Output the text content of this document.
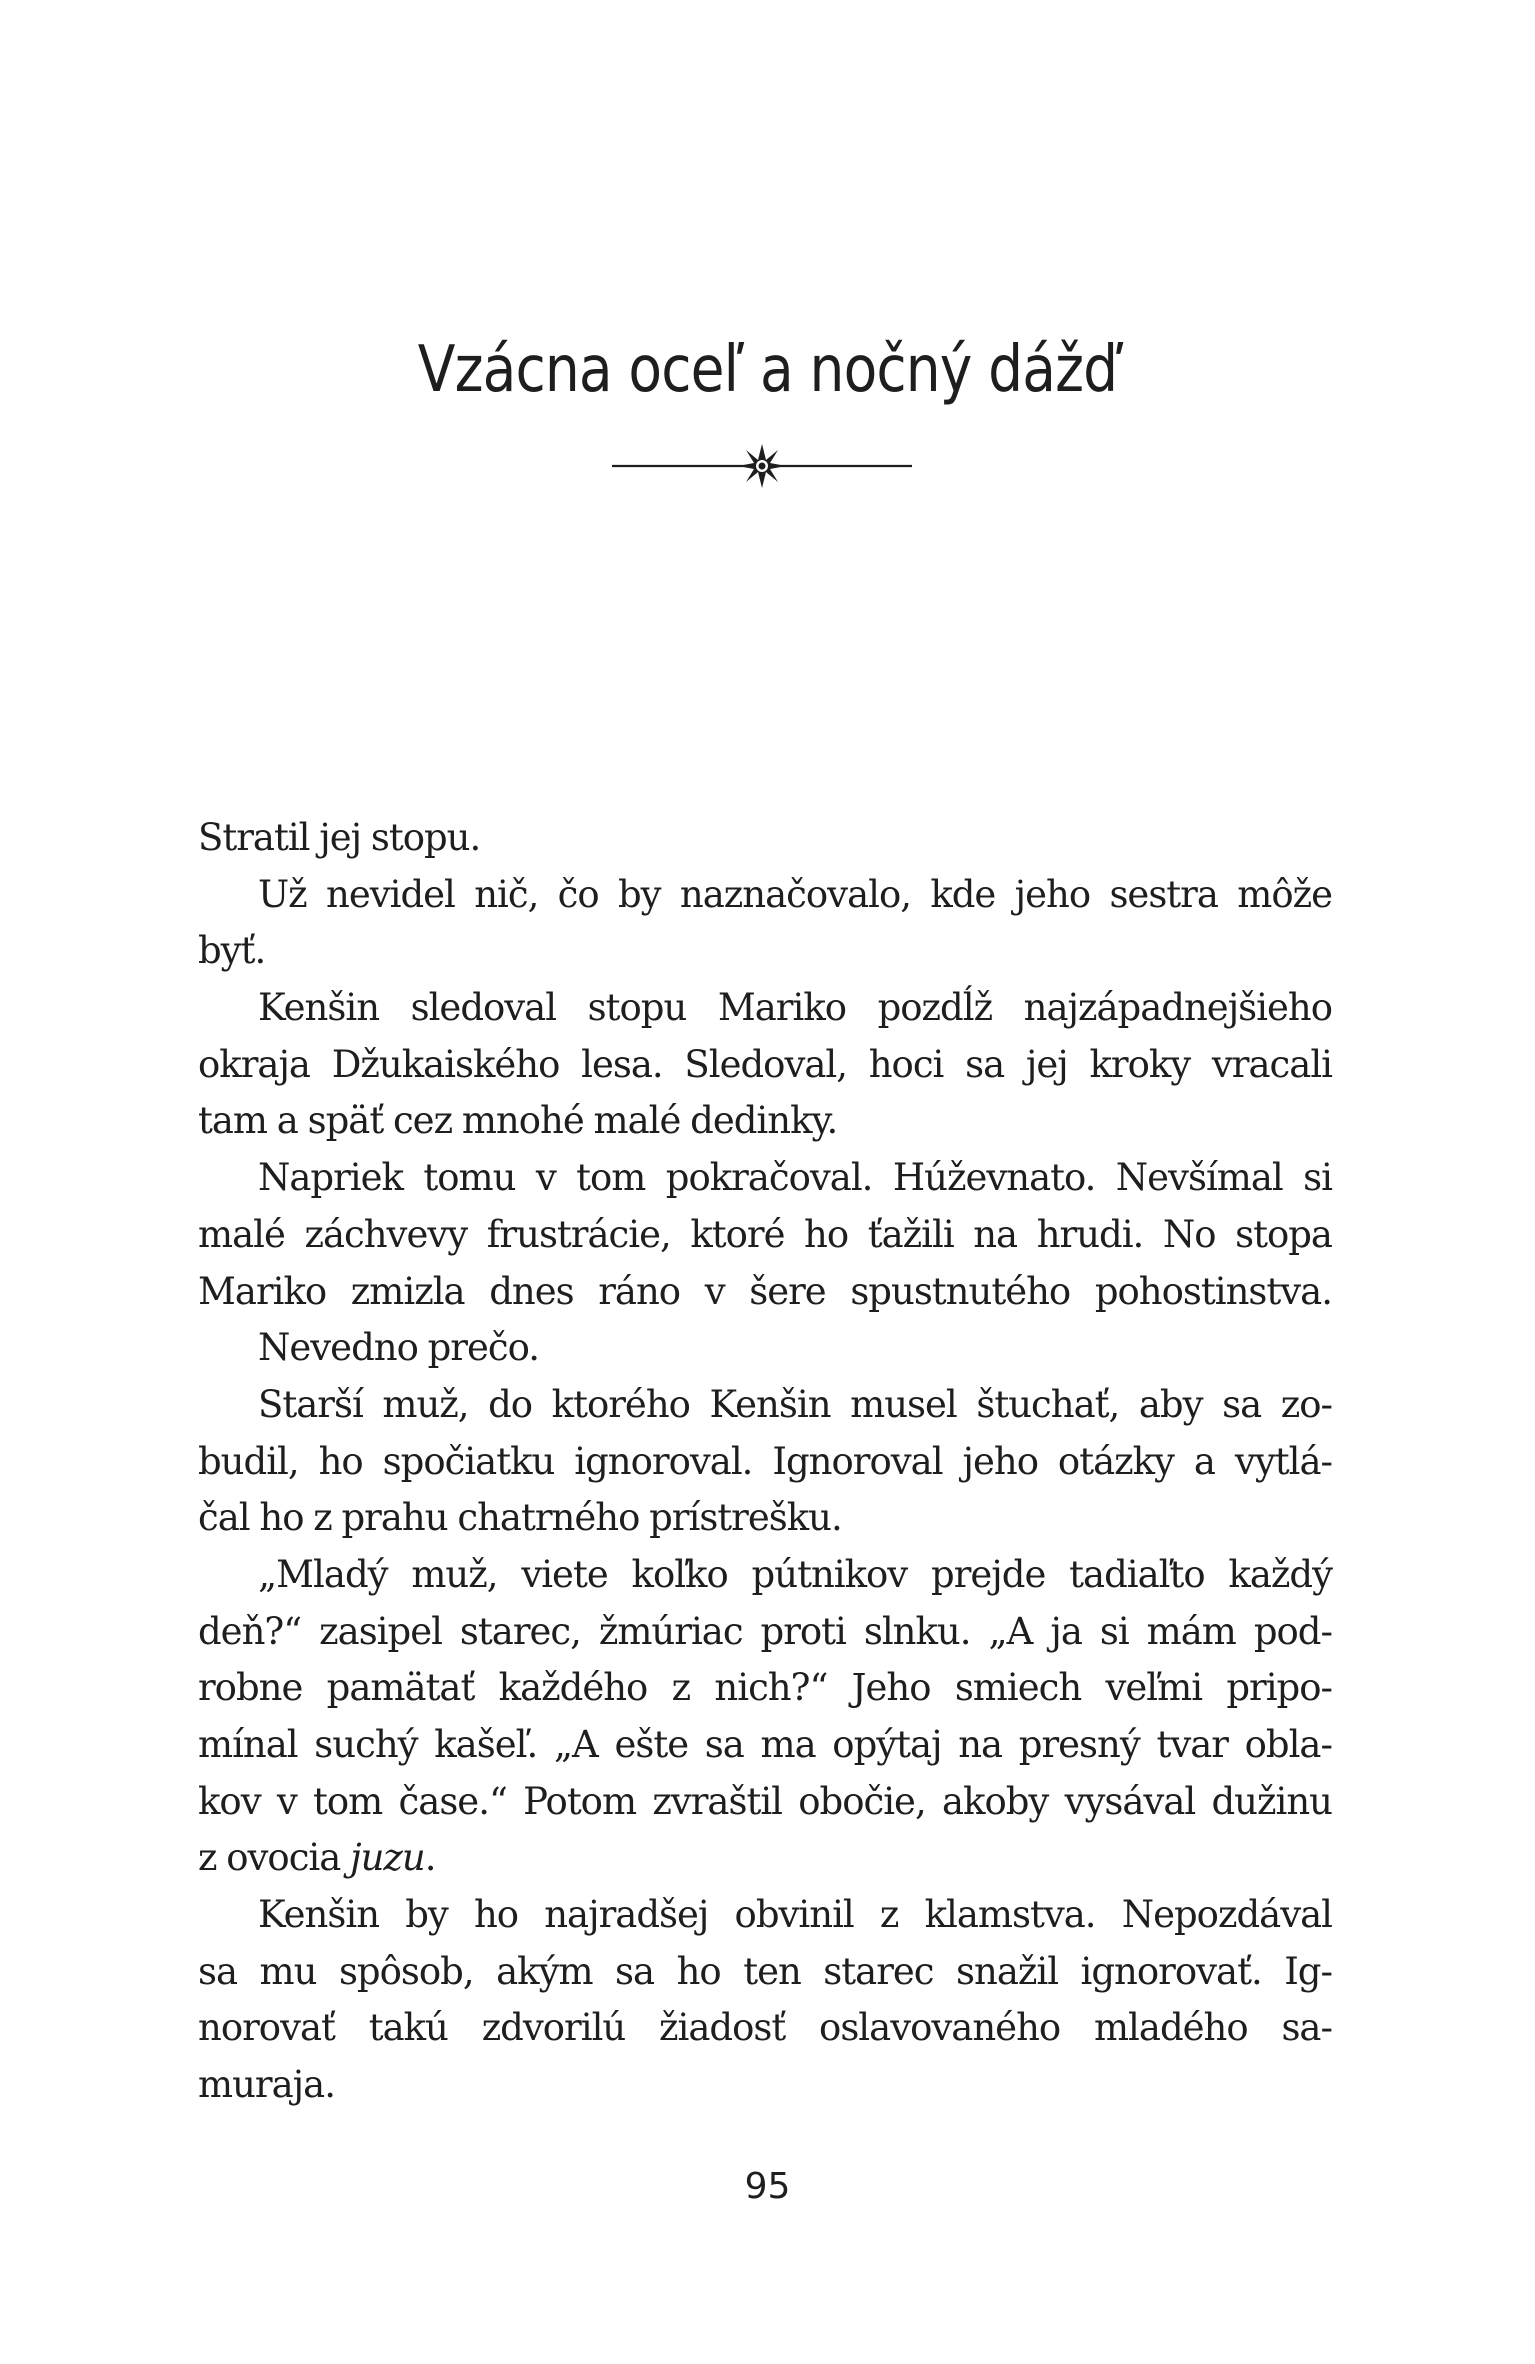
Vzácna oceľ a nočný dážď
Stratil jej stopu.
Už nevidel nič, čo by naznačovalo, kde jeho sestra môže
byť.
Kenšin sledoval stopu Mariko pozdĺž najzápadnejšieho
okraja Džukaiského lesa. Sledoval, hoci sa jej kroky vracali
tam a späť cez mnohé malé dedinky.
Napriek tomu v tom pokračoval. Húževnato. Nevšímal si
malé záchvevy frustrácie, ktoré ho ťažili na hrudi. No stopa
Mariko zmizla dnes ráno v šere spustnutého pohostinstva.
Nevedno prečo.
Starší muž, do ktorého Kenšin musel štuchať, aby sa zo-
budil, ho spočiatku ignoroval. Ignoroval jeho otázky a vytlá-
čal ho z prahu chatrného prístrešku.
„Mladý muž, viete koľko pútnikov prejde tadiaľto každý
deň?“ zasipel starec, žmúriac proti slnku. „A ja si mám pod-
robne pamätať každého z nich?“ Jeho smiech veľmi pripo-
mínal suchý kašeľ. „A ešte sa ma opýtaj na presný tvar obla-
kov v tom čase.“ Potom zvraštil obočie, akoby vysával dužinu
z ovocia juzu.
Kenšin by ho najradšej obvinil z klamstva. Nepozdával
sa mu spôsob, akým sa ho ten starec snažil ignorovať. Ig-
norovať takú zdvorilú žiadosť oslavovaného mladého sa-
muraja.
95
